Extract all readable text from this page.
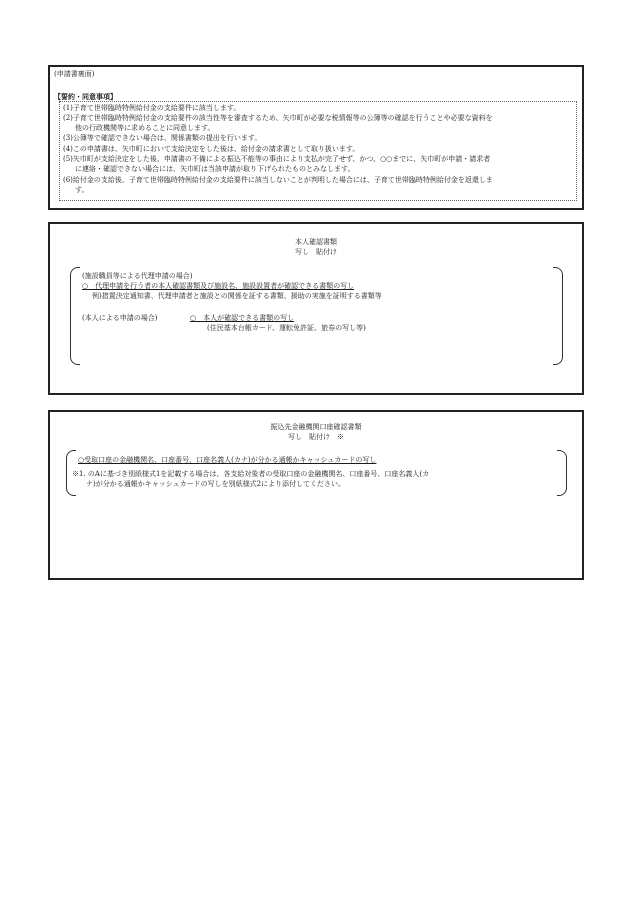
(申請書裏面)
【誓約・同意事項】
(1)子育て世帯臨時特例給付金の支給要件に該当します。
(2)子育て世帯臨時特例給付金の支給要件の該当性等を審査するため、矢巾町が必要な税情報等の公簿等の確認を行うことや必要な資料を
他の行政機関等に求めることに同意します。
(3)公簿等で確認できない場合は、関係書類の提出を行います。
(4)この申請書は、矢巾町において支給決定をした後は、給付金の請求書として取り扱います。
(5)矢巾町が支給決定をした後、申請書の不備による振込不能等の事由により支払が完了せず、かつ、○○までに、矢巾町が申請・請求者
に連絡・確認できない場合には、矢巾町は当該申請が取り下げられたものとみなします。
(6)給付金の支給後、子育て世帯臨時特例給付金の支給要件に該当しないことが判明した場合には、子育て世帯臨時特例給付金を返還しま
す。
本人確認書類
写し　貼付け
(施設職員等による代理申請の場合)
○　代理申請を行う者の本人確認書類及び施設名、施設設置者が確認できる書類の写し
例)措置決定通知書、代理申請者と施設との関係を証する書類、援助の実施を証明する書類等
(本人による申請の場合)	○　本人が確認できる書類の写し
(住民基本台帳カード、運転免許証、旅券の写し等)
振込先金融機関口座確認書類
写し　貼付け　※
○受取口座の金融機関名、口座番号、口座名義人(カナ)が分かる通帳かキャッシュカードの写し
※1. のAに基づき別紙様式1を記載する場合は、各支給対象者の受取口座の金融機関名、口座番号、口座名義人(カ
ナ)が分かる通帳かキャッシュカードの写しを別紙様式2により添付してください。
